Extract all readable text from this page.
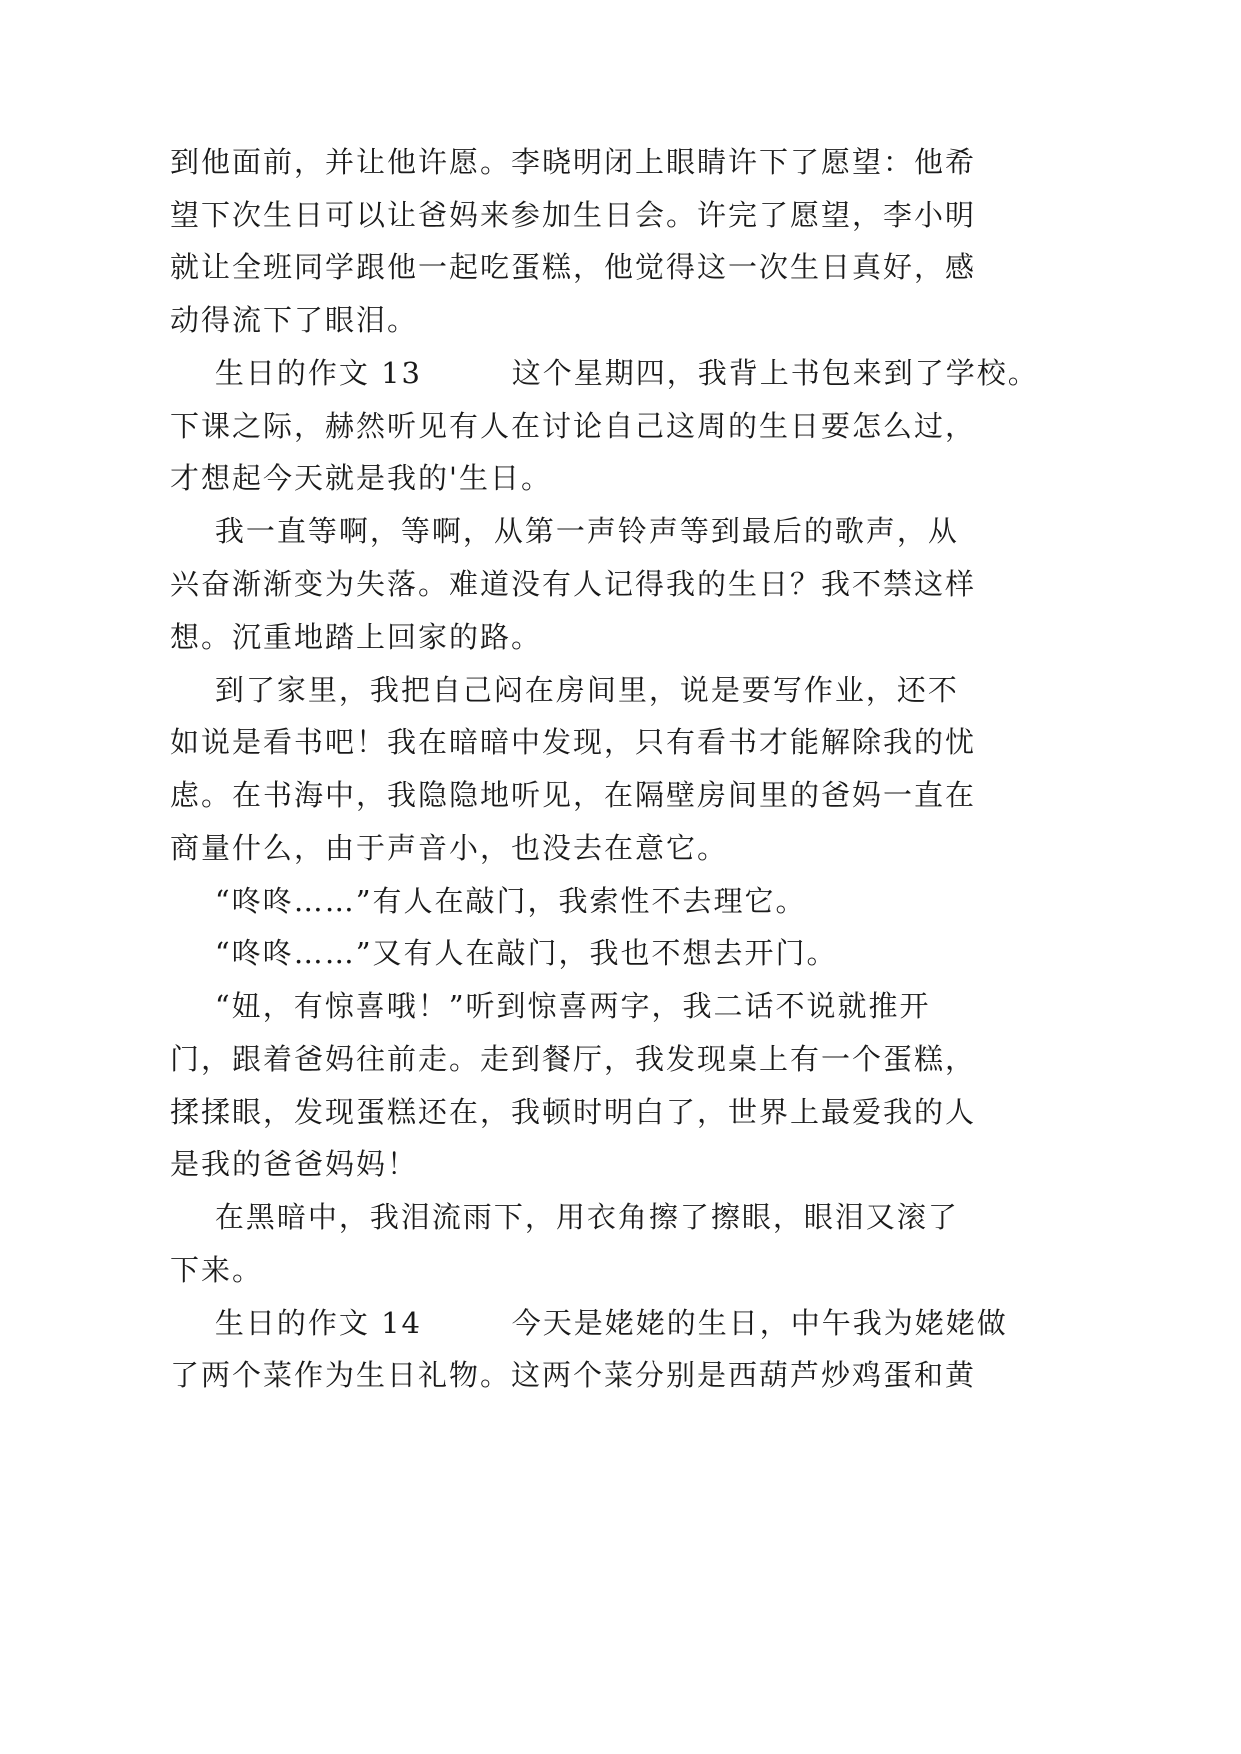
到他面前，并让他许愿。李晓明闭上眼睛许下了愿望：他希
望下次生日可以让爸妈来参加生日会。许完了愿望，李小明
就让全班同学跟他一起吃蛋糕，他觉得这一次生日真好，感
动得流下了眼泪。
生日的作文 13        这个星期四，我背上书包来到了学校。
下课之际，赫然听见有人在讨论自己这周的生日要怎么过，
才想起今天就是我的'生日。
我一直等啊，等啊，从第一声铃声等到最后的歌声，从
兴奋渐渐变为失落。难道没有人记得我的生日？我不禁这样
想。沉重地踏上回家的路。
到了家里，我把自己闷在房间里，说是要写作业，还不
如说是看书吧！我在暗暗中发现，只有看书才能解除我的忧
虑。在书海中，我隐隐地听见，在隔壁房间里的爸妈一直在
商量什么，由于声音小，也没去在意它。
“咚咚……”有人在敲门，我索性不去理它。
“咚咚……”又有人在敲门，我也不想去开门。
“妞，有惊喜哦！”听到惊喜两字，我二话不说就推开
门，跟着爸妈往前走。走到餐厅，我发现桌上有一个蛋糕，
揉揉眼，发现蛋糕还在，我顿时明白了，世界上最爱我的人
是我的爸爸妈妈！
在黑暗中，我泪流雨下，用衣角擦了擦眼，眼泪又滚了
下来。
生日的作文 14        今天是姥姥的生日，中午我为姥姥做
了两个菜作为生日礼物。这两个菜分别是西葫芦炒鸡蛋和黄
